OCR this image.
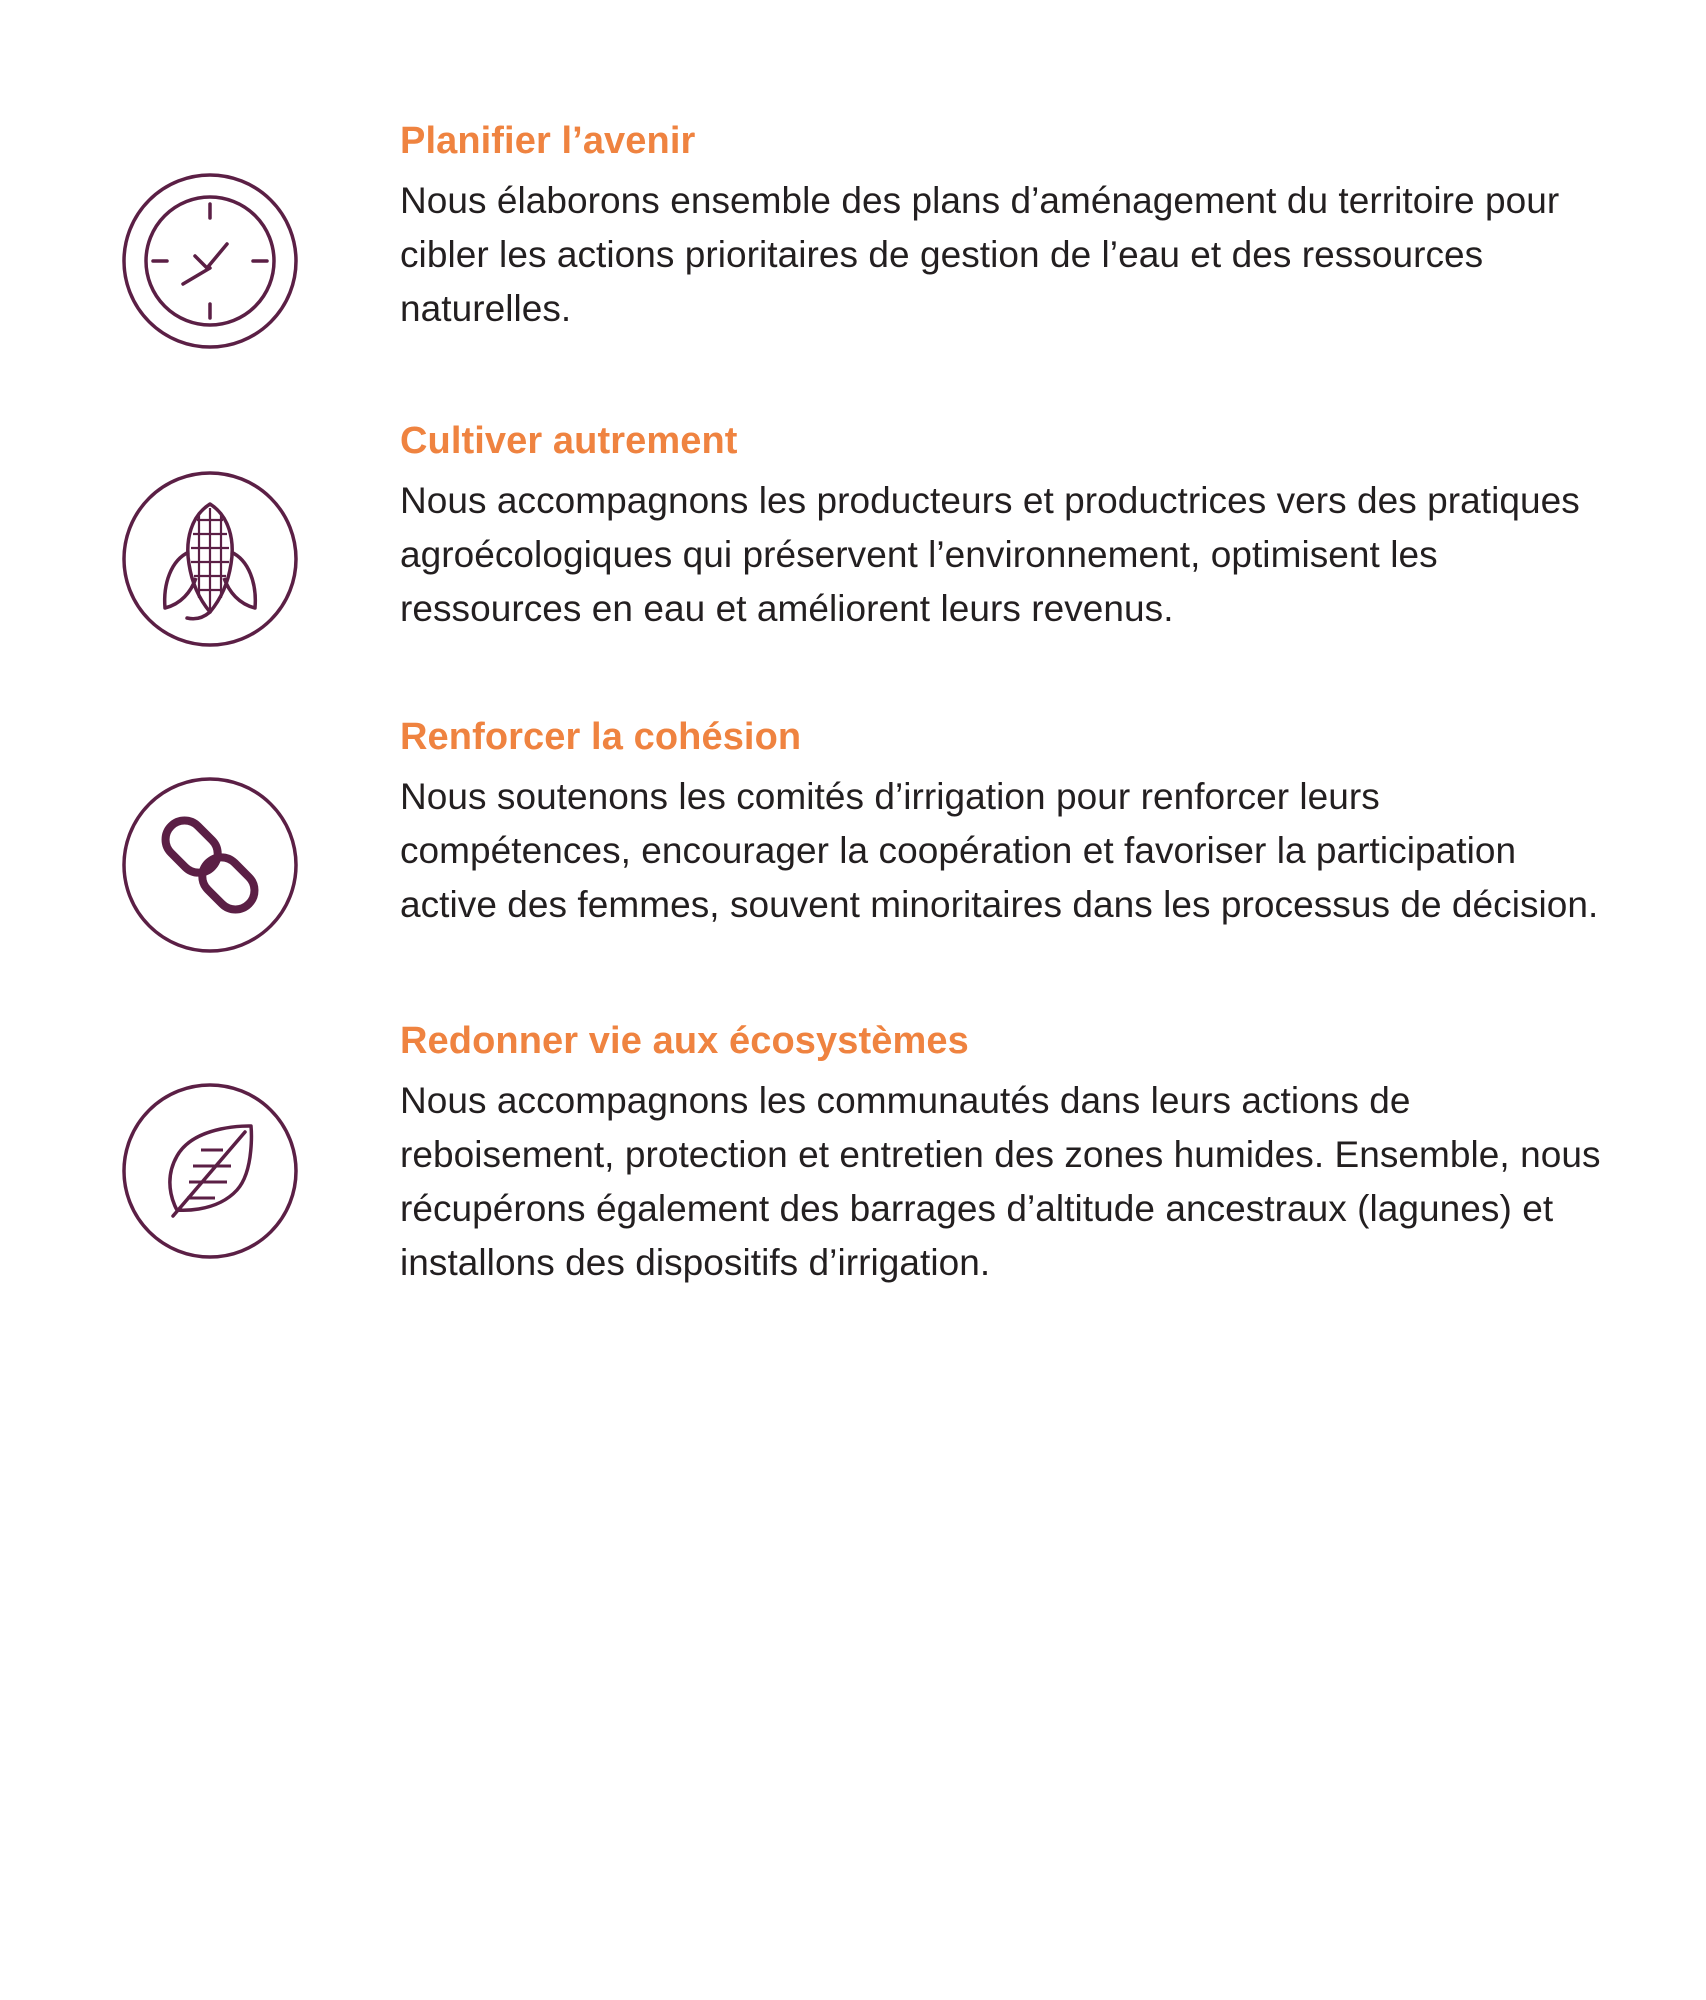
Planifier l’avenir

Nous élaborons ensemble des plans d’aménagement du territoire pour cibler les actions prioritaires de gestion de l’eau et des ressources naturelles.

Cultiver autrement

Nous accompagnons les producteurs et productrices vers des pratiques agroécologiques qui préservent l’environnement, optimisent les ressources en eau et améliorent leurs revenus.

Renforcer la cohésion

Nous soutenons les comités d’irrigation pour renforcer leurs compétences, encourager la coopération et favoriser la participation active des femmes, souvent minoritaires dans les processus de décision.

Redonner vie aux écosystèmes

Nous accompagnons les communautés dans leurs actions de reboisement, protection et entretien des zones humides. Ensemble, nous récupérons également des barrages d’altitude ancestraux (lagunes) et installons des dispositifs d’irrigation.
